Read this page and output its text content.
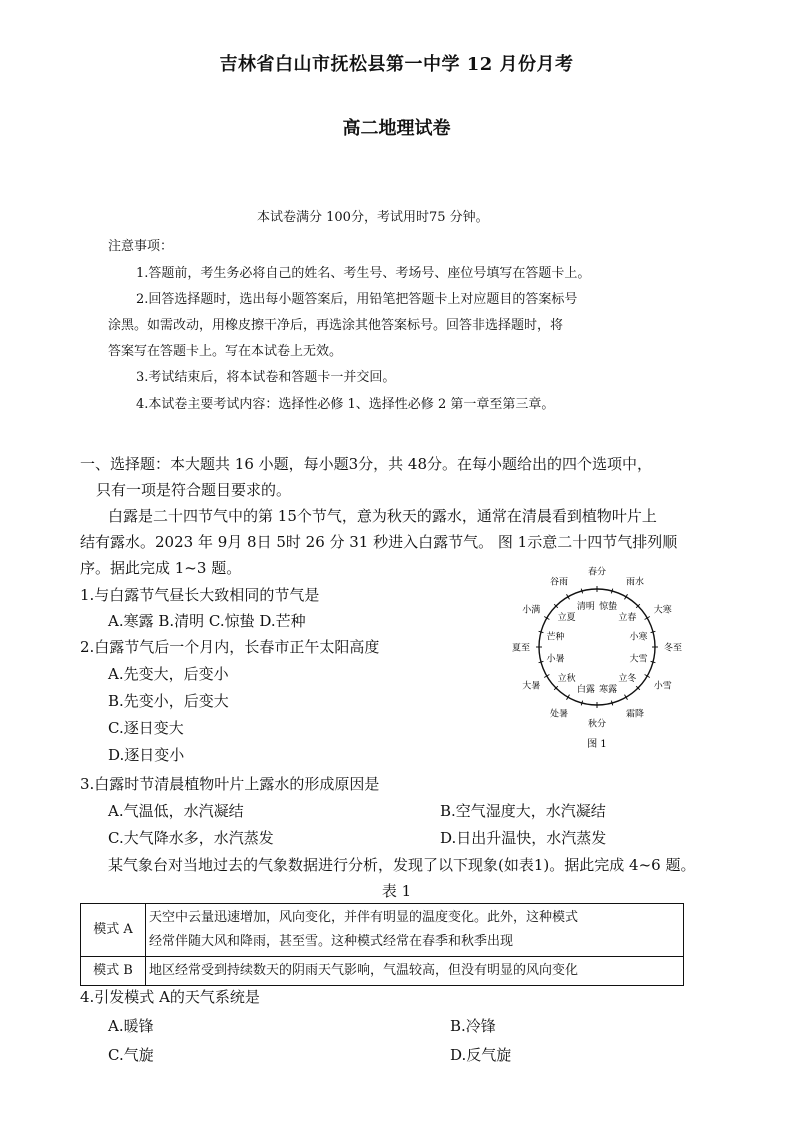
吉林省白山市抚松县第一中学 12 月份月考
高二地理试卷
本试卷满分 100分，考试用时75 分钟。
注意事项：
1.答题前，考生务必将自己的姓名、考生号、考场号、座位号填写在答题卡上。
2.回答选择题时，选出每小题答案后，用铅笔把答题卡上对应题目的答案标号
涂黑。如需改动，用橡皮擦干净后，再选涂其他答案标号。回答非选择题时，将
答案写在答题卡上。写在本试卷上无效。
3.考试结束后，将本试卷和答题卡一并交回。
4.本试卷主要考试内容：选择性必修 1、选择性必修 2 第一章至第三章。
一、选择题：本大题共 16 小题，每小题3分，共 48分。在每小题给出的四个选项中，
只有一项是符合题目要求的。
白露是二十四节气中的第 15个节气，意为秋天的露水，通常在清晨看到植物叶片上
结有露水。2023 年 9月 8日 5时 26 分 31 秒进入白露节气。 图 1示意二十四节气排列顺
序。据此完成 1~3 题。
1.与白露节气昼长大致相同的节气是
A.寒露 B.清明 C.惊蛰 D.芒种
2.白露节气后一个月内，长春市正午太阳高度
A.先变大，后变小
B.先变小，后变大
C.逐日变大
D.逐日变小
3.白露时节清晨植物叶片上露水的形成原因是
A.气温低，水汽凝结	B.空气湿度大，水汽凝结
C.大气降水多，水汽蒸发	D.日出升温快，水汽蒸发
某气象台对当地过去的气象数据进行分析，发现了以下现象(如表1)。据此完成 4~6 题。
表 1
模式 A	天空中云量迅速增加，风向变化，并伴有明显的温度变化。此外，这种模式
经常伴随大风和降雨，甚至雪。这种模式经常在春季和秋季出现

模式 B	地区经常受到持续数天的阴雨天气影响，气温较高，但没有明显的风向变化
4.引发模式 A的天气系统是
A.暖锋	B.冷锋
C.气旋	D.反气旋
春分
雨水
大寒
冬至
小雪
霜降
秋分
处暑
大暑
夏至
小满
谷雨
惊蛰
立春
小寒
大雪
立冬
寒露
白露
立秋
小暑
芒种
立夏
清明
图 1
